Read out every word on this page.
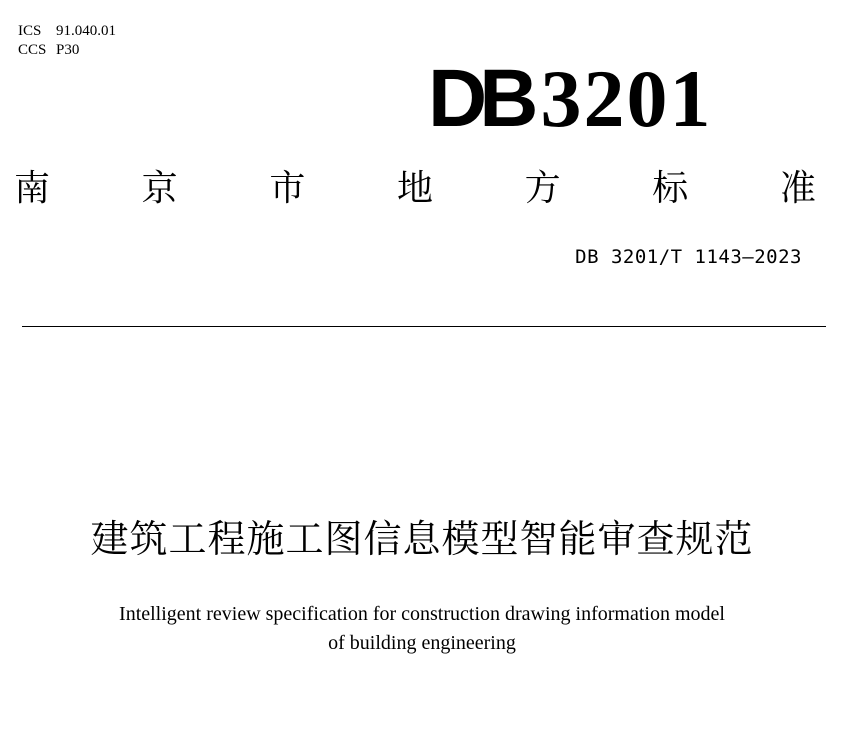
ICS 91.040.01
CCS P30
DB 3201
南	京	市	地	方	标	准
DB 3201/T 1143—2023
建筑工程施工图信息模型智能审查规范
Intelligent review specification for construction drawing information model
of building engineering
